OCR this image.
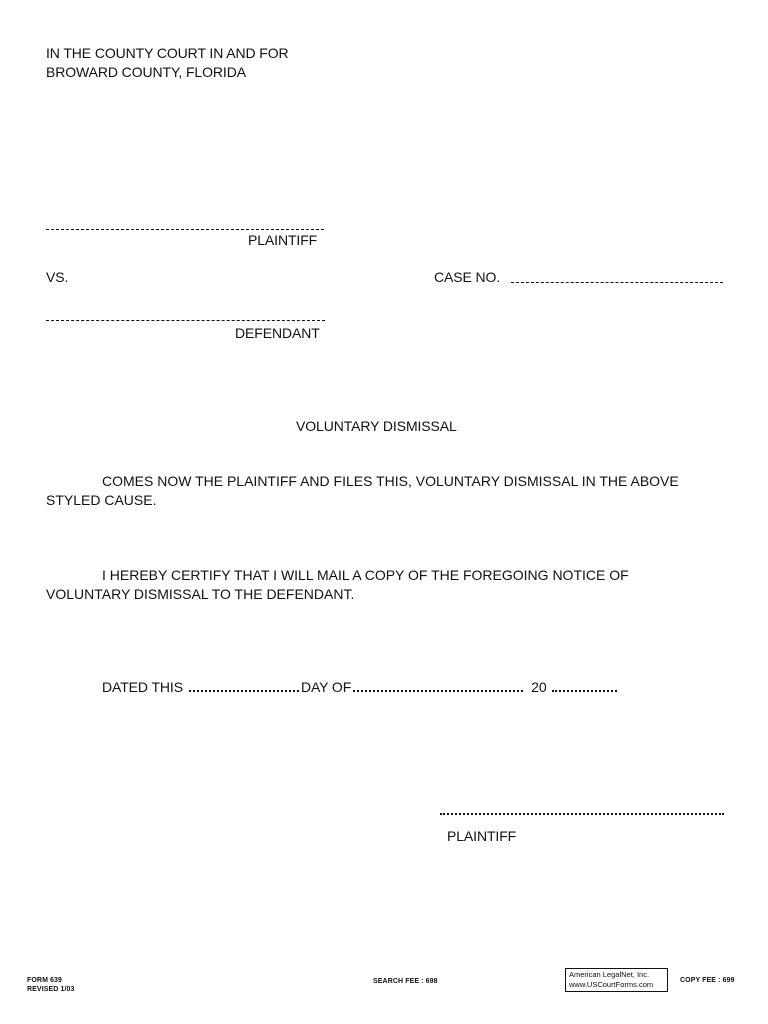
IN THE COUNTY COURT IN AND FOR
BROWARD COUNTY, FLORIDA
PLAINTIFF
VS.	CASE NO.
DEFENDANT
VOLUNTARY DISMISSAL
COMES NOW THE PLAINTIFF AND FILES THIS, VOLUNTARY DISMISSAL IN THE ABOVE STYLED CAUSE.
I HEREBY CERTIFY THAT I WILL MAIL A COPY OF THE FOREGOING NOTICE OF VOLUNTARY DISMISSAL TO THE DEFENDANT.
DATED THIS	DAY OF	20
PLAINTIFF
FORM 639
REVISED 1/03
SEARCH FEE : 698
American LegalNet, Inc.
www.USCourtForms.com	COPY FEE : 699
